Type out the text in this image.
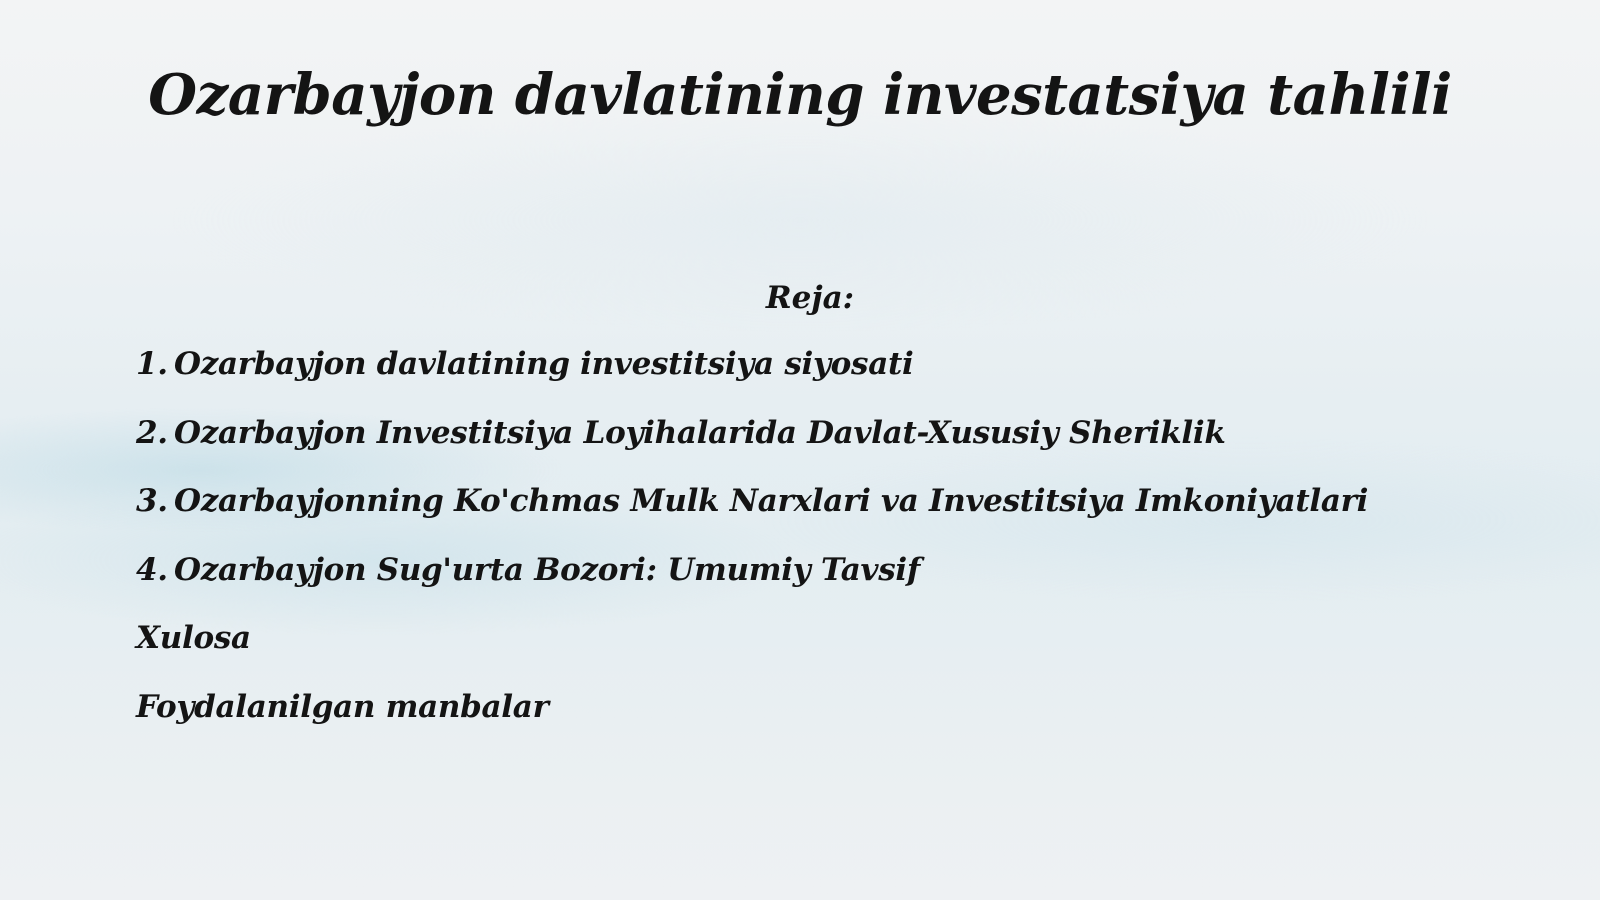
Ozarbayjon davlatining investatsiya tahlili
Reja:
1. Ozarbayjon davlatining investitsiya siyosati
2. Ozarbayjon Investitsiya Loyihalarida Davlat-Xususiy Sheriklik
3. Ozarbayjonning Ko'chmas Mulk Narxlari va Investitsiya Imkoniyatlari
4. Ozarbayjon Sug'urta Bozori: Umumiy Tavsif
Xulosa
Foydalanilgan manbalar
